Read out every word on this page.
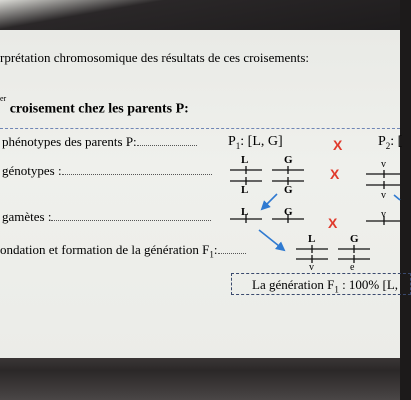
rprétation chromosomique des résultats de ces croisements:
$^{er}$ croisement chez les parents P:
phénotypes des parents P:
génotypes :
gamètes :
ondation et formation de la génération $F_1$:
$P_1$: [L, G]	$P_2$: [
X
X
X
L
L
G
G
v
v
L	G	v
L
v
G
e
La génération $F_1$ : 100% [L,
